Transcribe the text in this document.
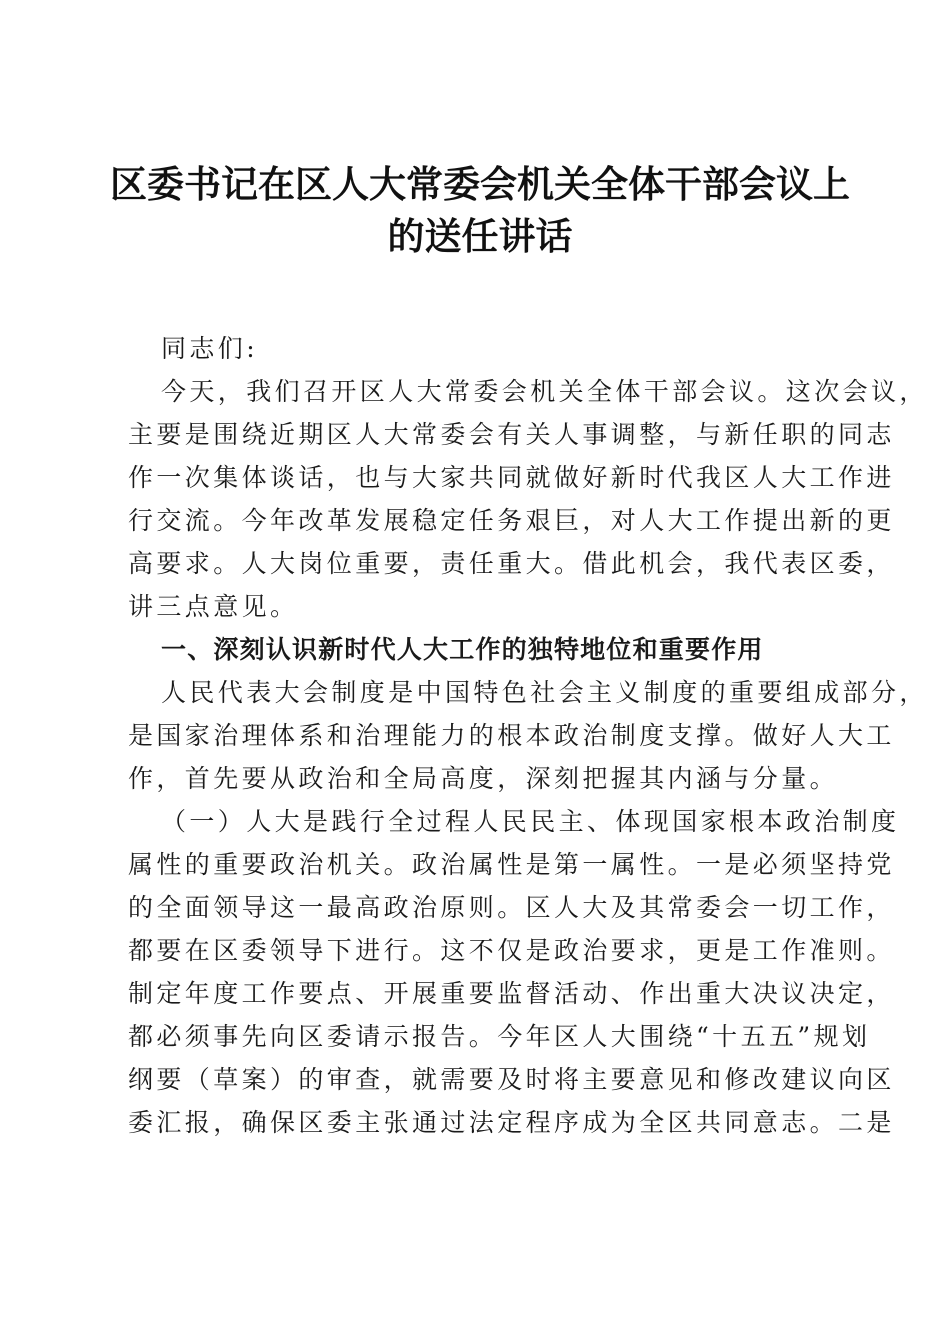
区委书记在区人大常委会机关全体干部会议上
的送任讲话
同志们:
今天，我们召开区人大常委会机关全体干部会议。这次会议，
主要是围绕近期区人大常委会有关人事调整，与新任职的同志
作一次集体谈话，也与大家共同就做好新时代我区人大工作进
行交流。今年改革发展稳定任务艰巨，对人大工作提出新的更
高要求。人大岗位重要，责任重大。借此机会，我代表区委，
讲三点意见。
一、深刻认识新时代人大工作的独特地位和重要作用
人民代表大会制度是中国特色社会主义制度的重要组成部分，
是国家治理体系和治理能力的根本政治制度支撑。做好人大工
作，首先要从政治和全局高度，深刻把握其内涵与分量。
（一）人大是践行全过程人民民主、体现国家根本政治制度
属性的重要政治机关。政治属性是第一属性。一是必须坚持党
的全面领导这一最高政治原则。区人大及其常委会一切工作，
都要在区委领导下进行。这不仅是政治要求，更是工作准则。
制定年度工作要点、开展重要监督活动、作出重大决议决定，
都必须事先向区委请示报告。今年区人大围绕“十五五”规划
纲要（草案）的审查，就需要及时将主要意见和修改建议向区
委汇报，确保区委主张通过法定程序成为全区共同意志。二是
